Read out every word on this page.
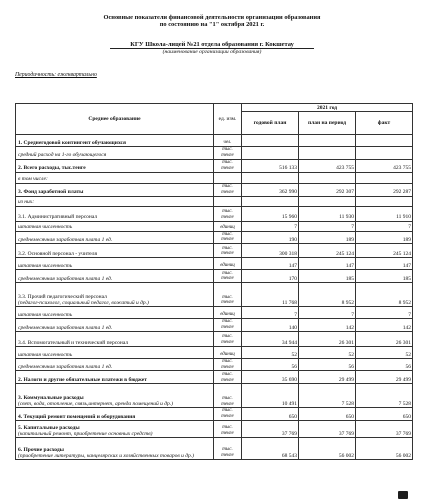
Основные показатели финансовой деятельности организации образования
по состоянию на "1" октября 2021 г.
КГУ Школа-лицей №21 отдела образования г. Кокшетау
(наименование организации образования)
Периодичность: ежеквартально
Среднее образование	ед. изм.	2021 год		
		годовой план	план на период	факт
1. Среднегодовой контингент обучающихся	чел.			
средний расход на 1-го обучающегося	тыс. тенге			
2. Всего расходы, тыс.тенге	тыс. тенге	516 133	423 755	423 755
в том числе:				
3. Фонд заработной платы	тыс. тенге	362 990	292 307	292 287
из них:				
3.1. Административный персонал	тыс. тенге	15 960	11 930	11 910
штатная численность	единиц	7	7	7
среднемесячная заработная плата 1 ед.	тыс. тенге	190	189	189
3.2. Основной персонал - учителя	тыс. тенге	300 318	245 124	245 124
штатная численность	единиц	147	147	147
среднемесячная заработная плата 1 ед.	тыс. тенге	170	185	185
3.3. Прочий педагогический персонал
(педагог-психолог, социальный педагог, вожатый и др.)	тыс. тенге	11 768	8 952	8 952
штатная численность	единиц	7	7	7
среднемесячная заработная плата 1 ед.	тыс. тенге	140	142	142
3.4. Вспомогательный и технический персонал	тыс. тенге	34 944	26 301	26 301
штатная численность	единиц	52	52	52
среднемесячная заработная плата 1 ед.	тыс. тенге	56	56	56
2. Налоги и другие обязательные платежи в бюджет	тыс. тенге	35 690	29 499	29 499
3. Коммунальные расходы
(свет, вода, отопление, связь,интернет, аренда помещений и др.)	тыс. тенге	10 491	7 528	7 528
4. Текущий ремонт помещений и оборудования	тыс. тенге	650	650	650
5. Капитальные расходы
(капитальный ремонт, приобретение основных средств)	тыс. тенге	37 769	37 769	37 769
6. Прочие расходы
(приобретение литературы, канцелярских и хозяйственных товаров и др.)	тыс. тенге	68 543	56 002	56 002
